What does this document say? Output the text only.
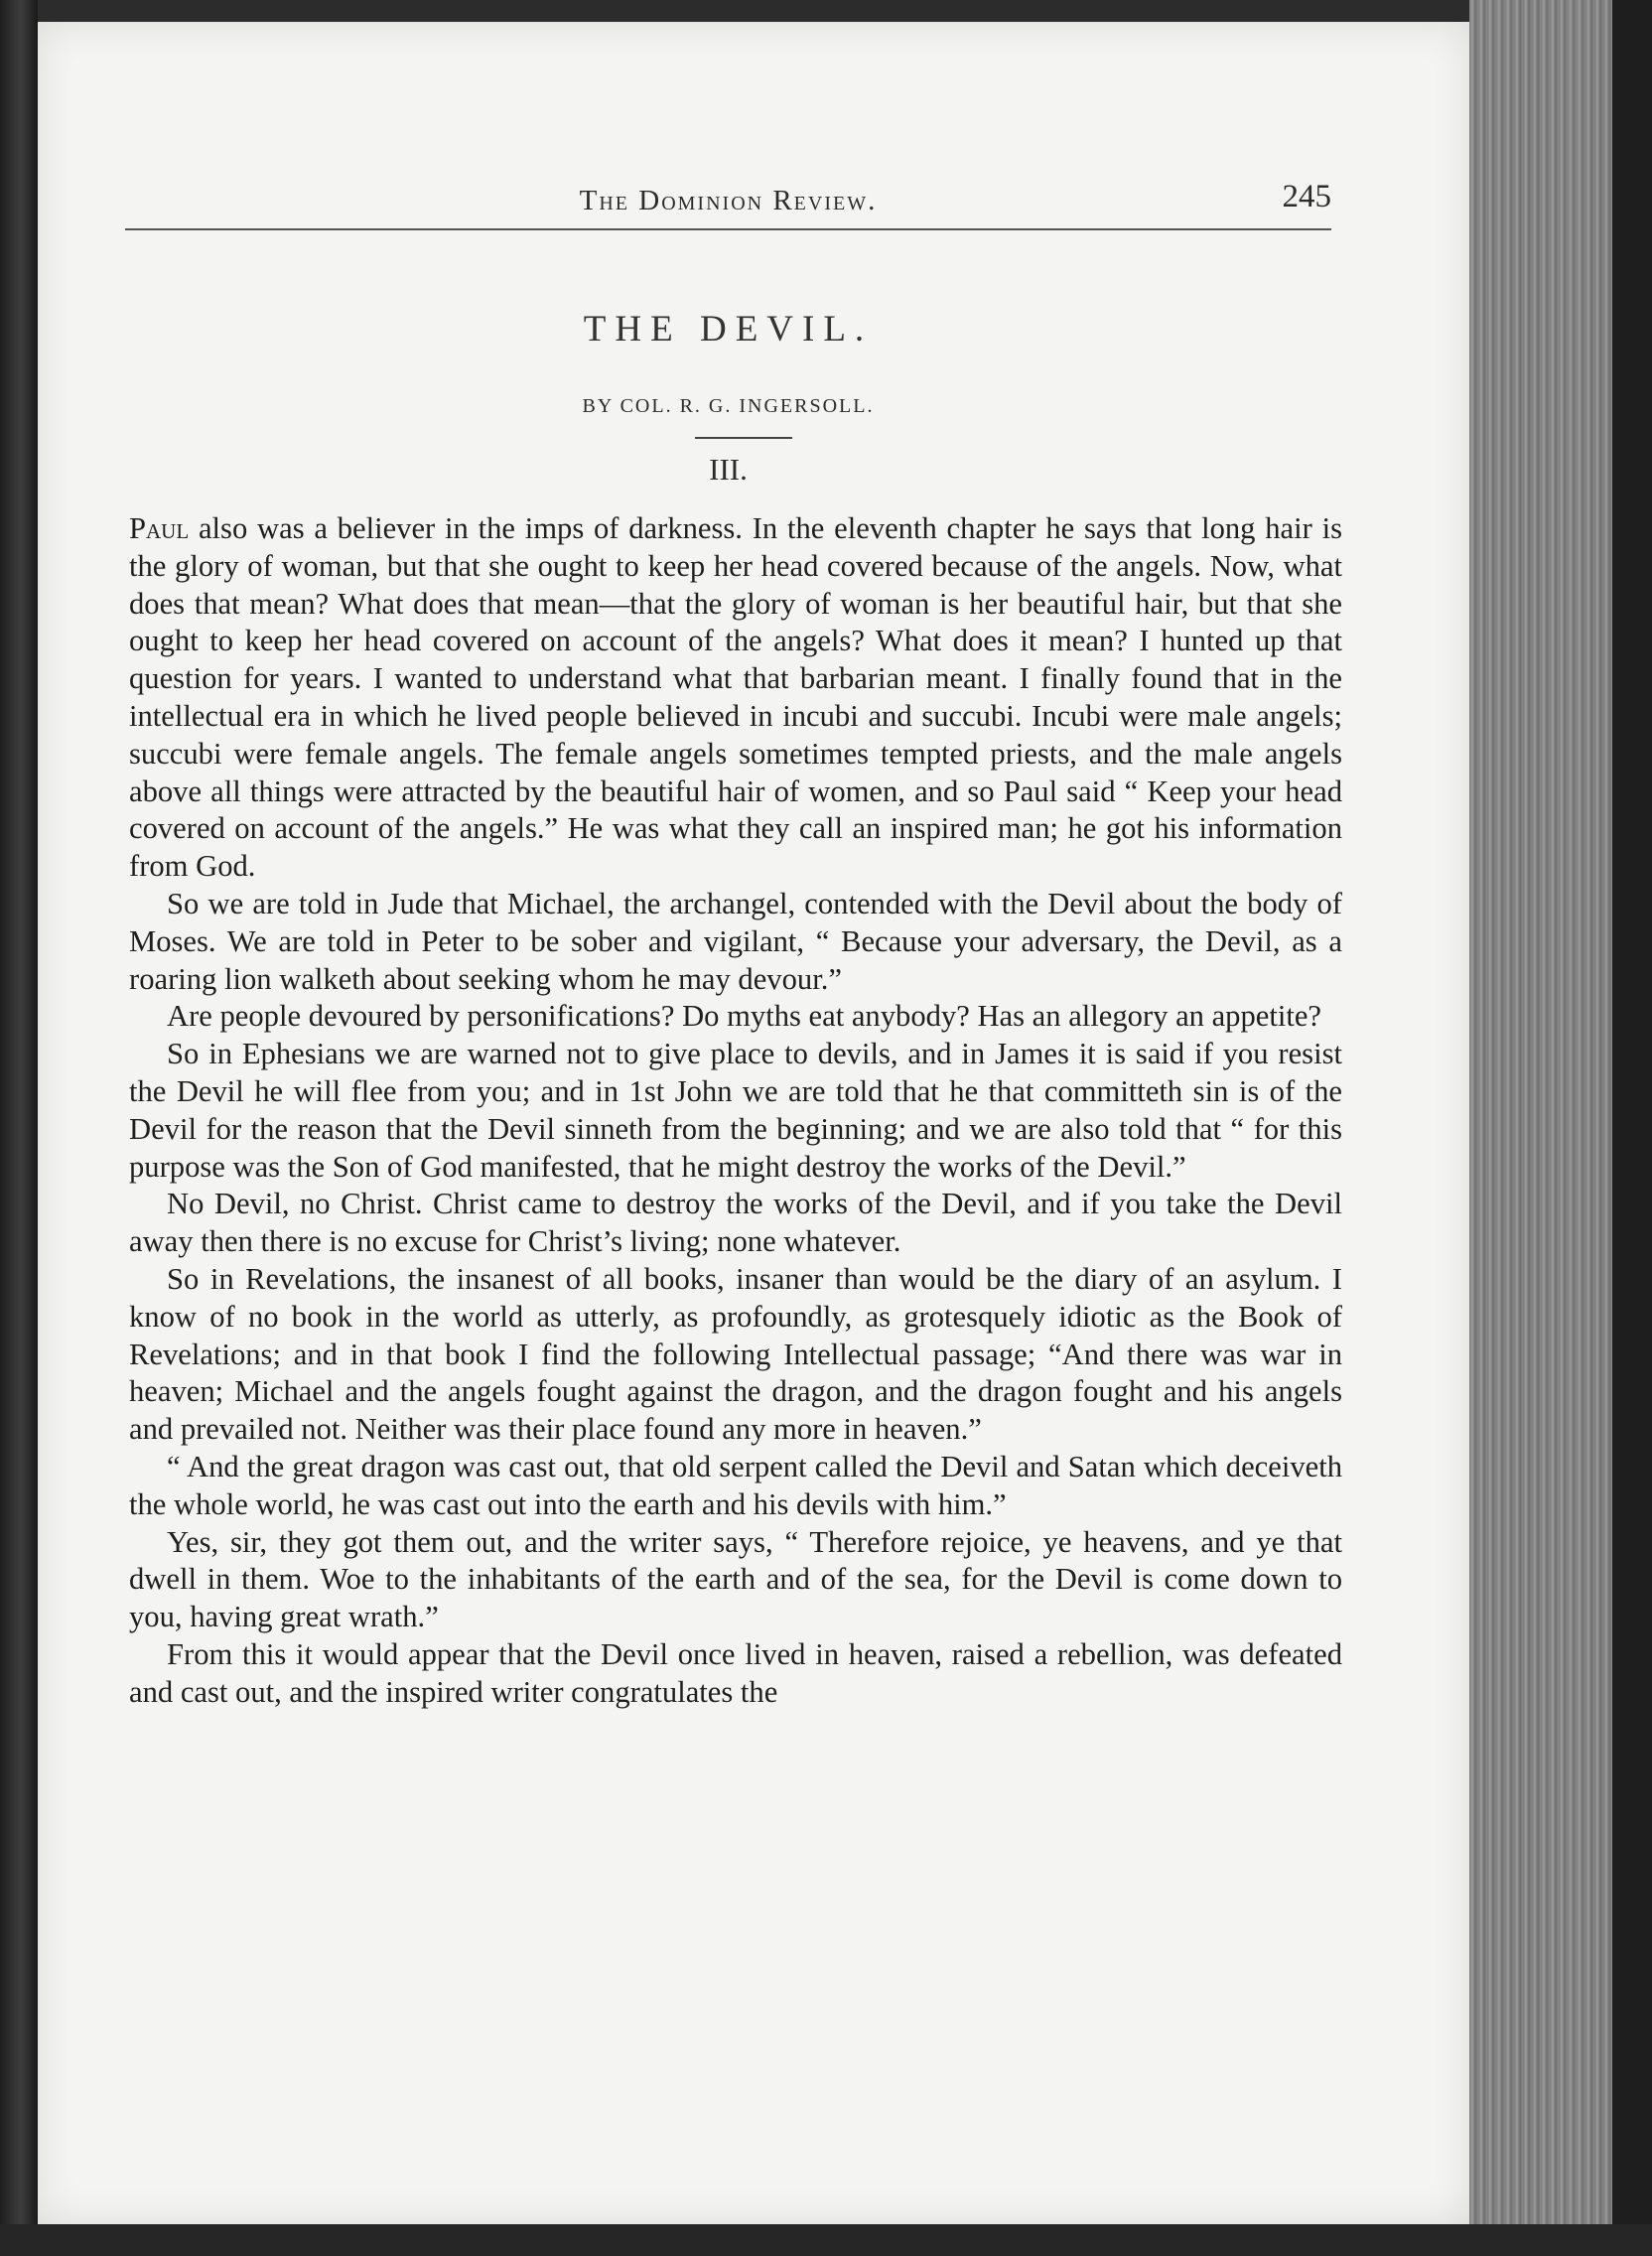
The Dominion Review.	245
THE DEVIL.
BY COL. R. G. INGERSOLL.
III.

Paul also was a believer in the imps of darkness. In the eleventh chapter he says that long hair is the glory of woman, but that she ought to keep her head covered because of the angels. Now, what does that mean? What does that mean—that the glory of woman is her beautiful hair, but that she ought to keep her head covered on account of the angels? What does it mean? I hunted up that question for years. I wanted to understand what that barbarian meant. I finally found that in the intellectual era in which he lived people believed in incubi and succubi. Incubi were male angels; succubi were female angels. The female angels sometimes tempted priests, and the male angels above all things were attracted by the beautiful hair of women, and so Paul said “ Keep your head covered on account of the angels.” He was what they call an inspired man; he got his information from God.

So we are told in Jude that Michael, the archangel, contended with the Devil about the body of Moses. We are told in Peter to be sober and vigilant, “ Because your adversary, the Devil, as a roaring lion walketh about seeking whom he may devour.”

Are people devoured by personifications? Do myths eat anybody? Has an allegory an appetite?

So in Ephesians we are warned not to give place to devils, and in James it is said if you resist the Devil he will flee from you; and in 1st John we are told that he that committeth sin is of the Devil for the reason that the Devil sinneth from the beginning; and we are also told that “ for this purpose was the Son of God manifested, that he might destroy the works of the Devil.”

No Devil, no Christ. Christ came to destroy the works of the Devil, and if you take the Devil away then there is no excuse for Christ’s living; none whatever.

So in Revelations, the insanest of all books, insaner than would be the diary of an asylum. I know of no book in the world as utterly, as profoundly, as grotesquely idiotic as the Book of Revelations; and in that book I find the following Intellectual passage; “And there was war in heaven; Michael and the angels fought against the dragon, and the dragon fought and his angels and prevailed not. Neither was their place found any more in heaven.”

“ And the great dragon was cast out, that old serpent called the Devil and Satan which deceiveth the whole world, he was cast out into the earth and his devils with him.”

Yes, sir, they got them out, and the writer says, “ Therefore rejoice, ye heavens, and ye that dwell in them. Woe to the inhabitants of the earth and of the sea, for the Devil is come down to you, having great wrath.”

From this it would appear that the Devil once lived in heaven, raised a rebellion, was defeated and cast out, and the inspired writer congratulates the
